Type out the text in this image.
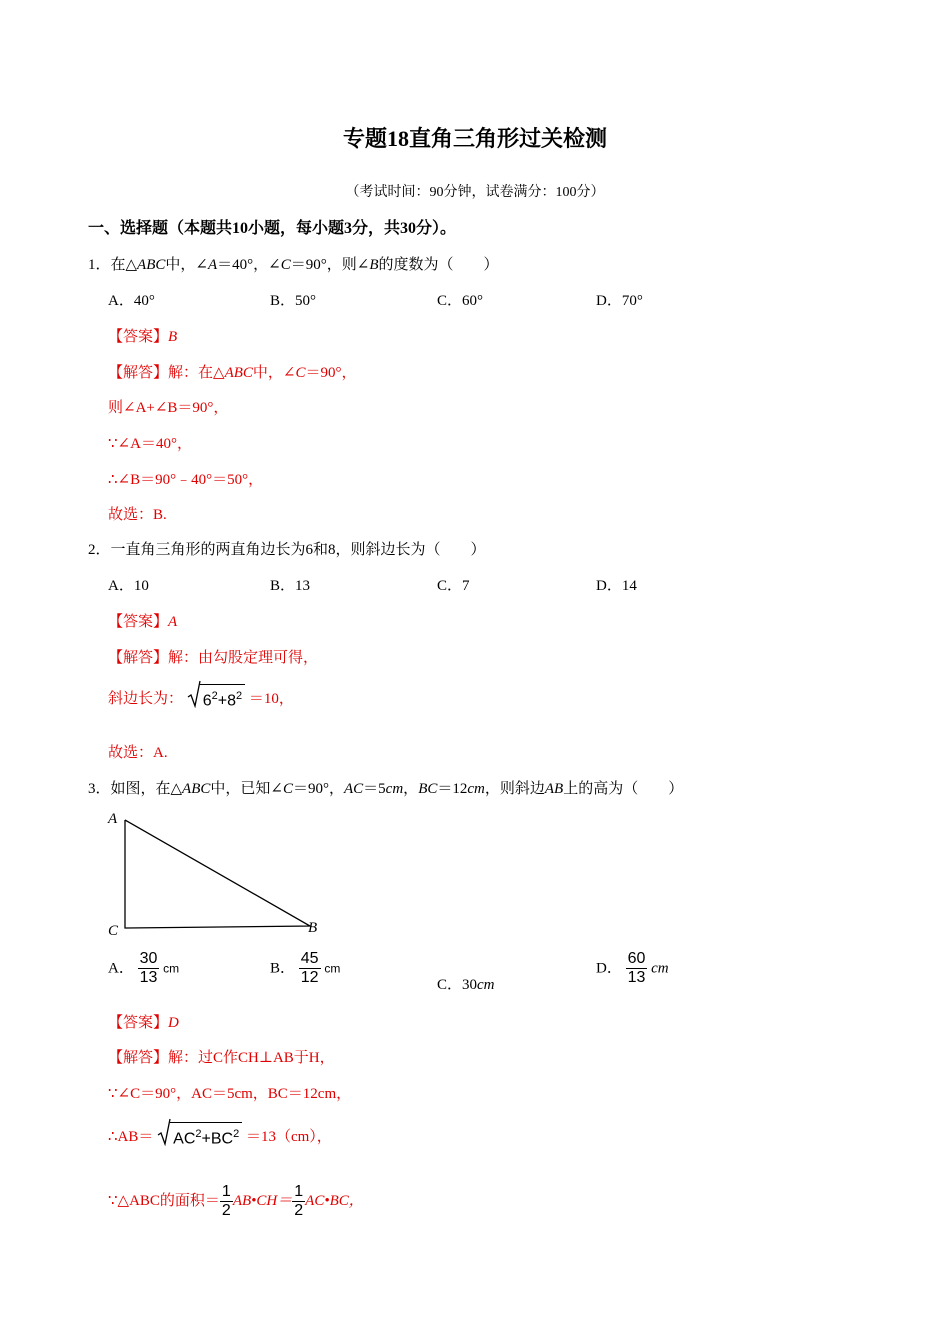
专题18直角三角形过关检测
（考试时间：90分钟，试卷满分：100分）
一、选择题（本题共10小题，每小题3分，共30分）。
1．在△ABC中，∠A＝40°，∠C＝90°，则∠B的度数为（　　）
A．40°	B．50°	C．60°	D．70°
【答案】B
【解答】解：在△ABC中，∠C＝90°，
则∠A+∠B＝90°，
∵∠A＝40°，
∴∠B＝90°﹣40°＝50°，
故选：B.
2．一直角三角形的两直角边长为6和8，则斜边长为（　　）
A．10	B．13	C．7	D．14
【答案】A
【解答】解：由勾股定理可得，
斜边长为： $6^2+8^2 =10$，
故选：A.
3．如图，在△ABC中，已知∠C＝90°，AC＝5cm，BC＝12cm，则斜边AB上的高为（　　）
A
C	B
A． $\frac{30}{13}$ cm	B． $\frac{45}{12}$ cm
C．30cm
D． $\frac{60}{13}$ cm
【答案】D
【解答】解：过C作CH⊥AB于H，
∵∠C＝90°，AC＝5cm，BC＝12cm，
∴AB＝ $AC^2+BC^2 =13(cm)$，
∵△ABC的面积＝ $\frac{1}{2}$ AB•CH＝ $\frac{1}{2}$ AC•BC，
